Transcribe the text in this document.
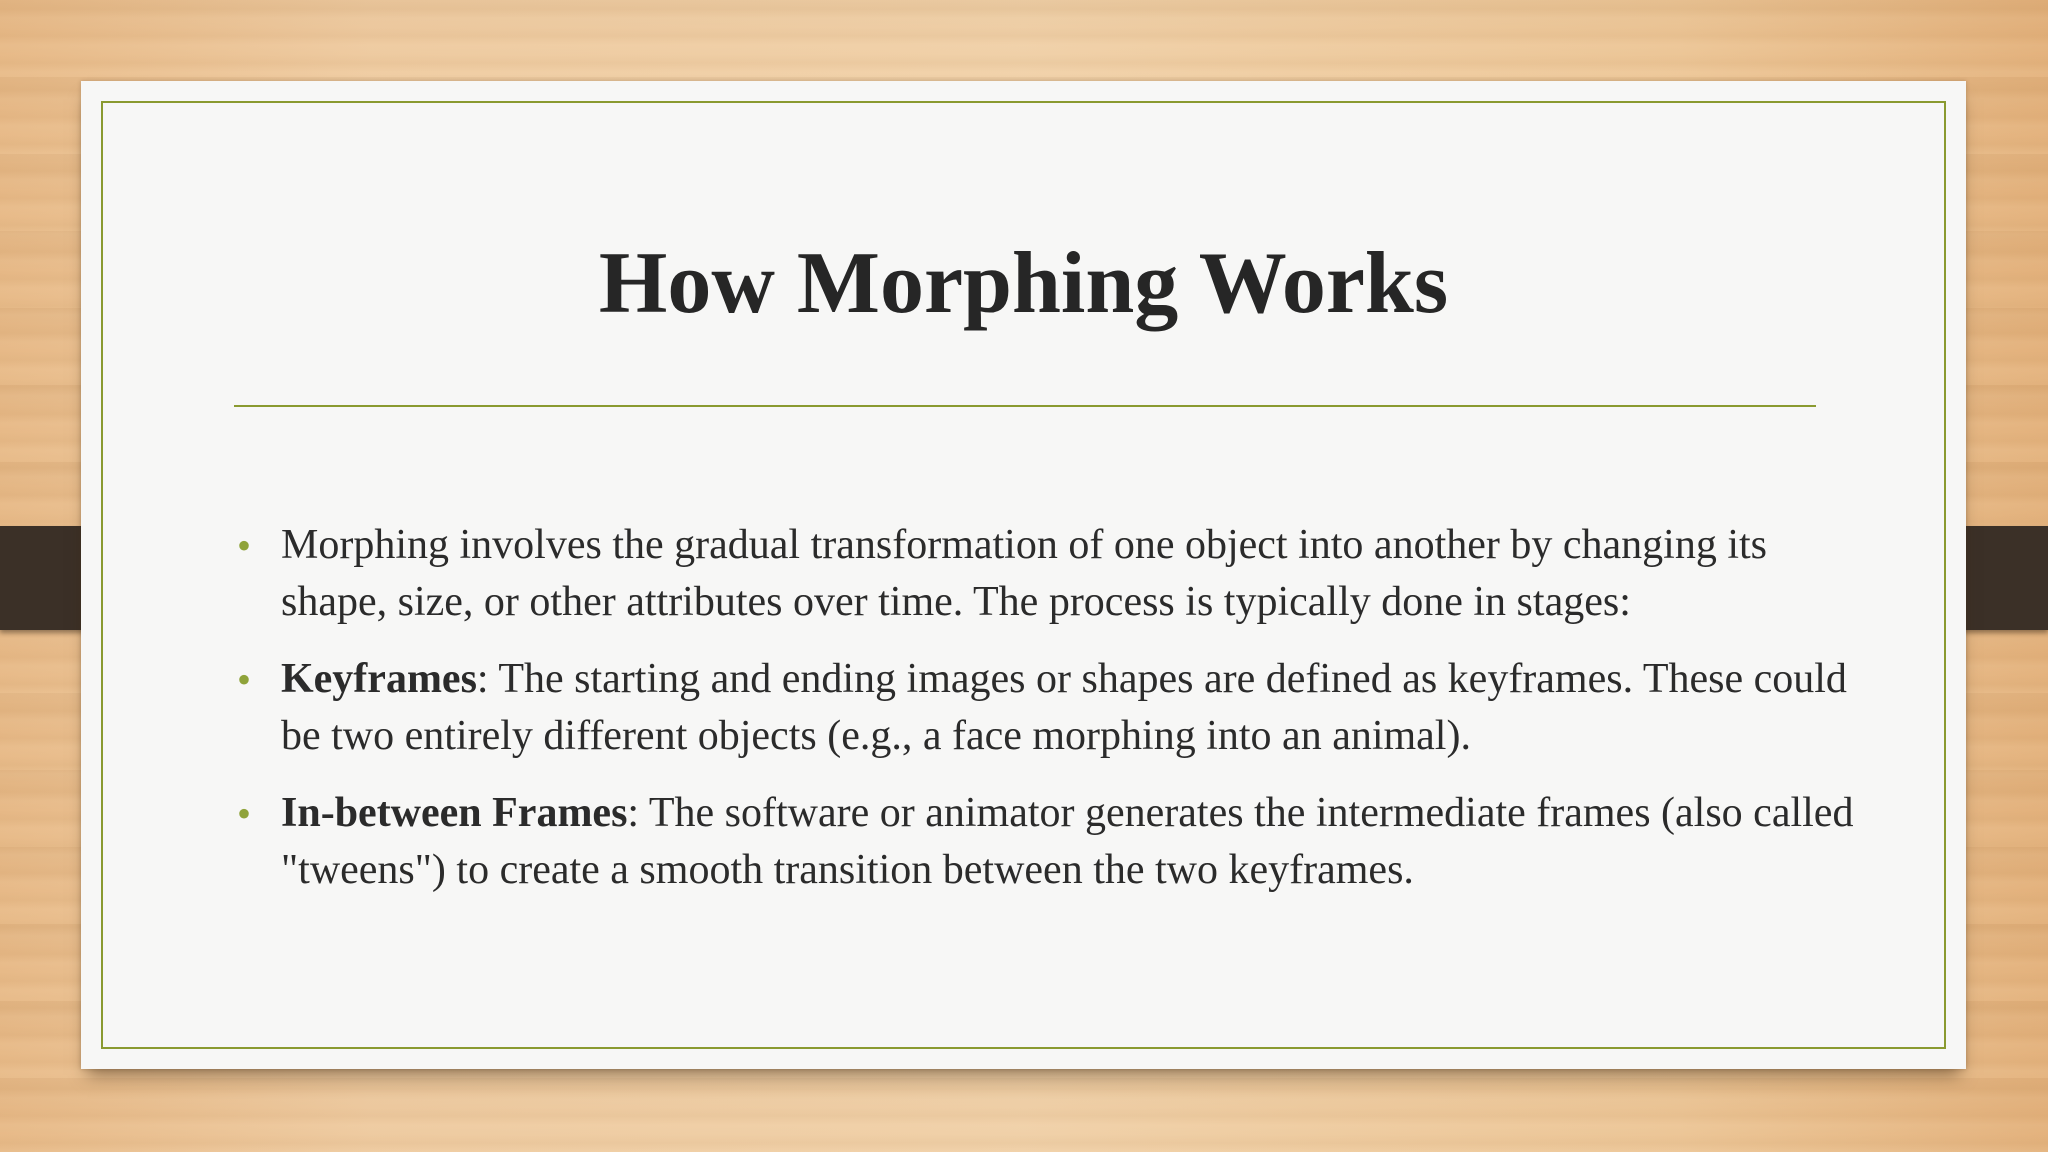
How Morphing Works
• Morphing involves the gradual transformation of one object into another by changing its shape, size, or other attributes over time. The process is typically done in stages:
• Keyframes: The starting and ending images or shapes are defined as keyframes. These could be two entirely different objects (e.g., a face morphing into an animal).
• In-between Frames: The software or animator generates the intermediate frames (also called "tweens") to create a smooth transition between the two keyframes.
